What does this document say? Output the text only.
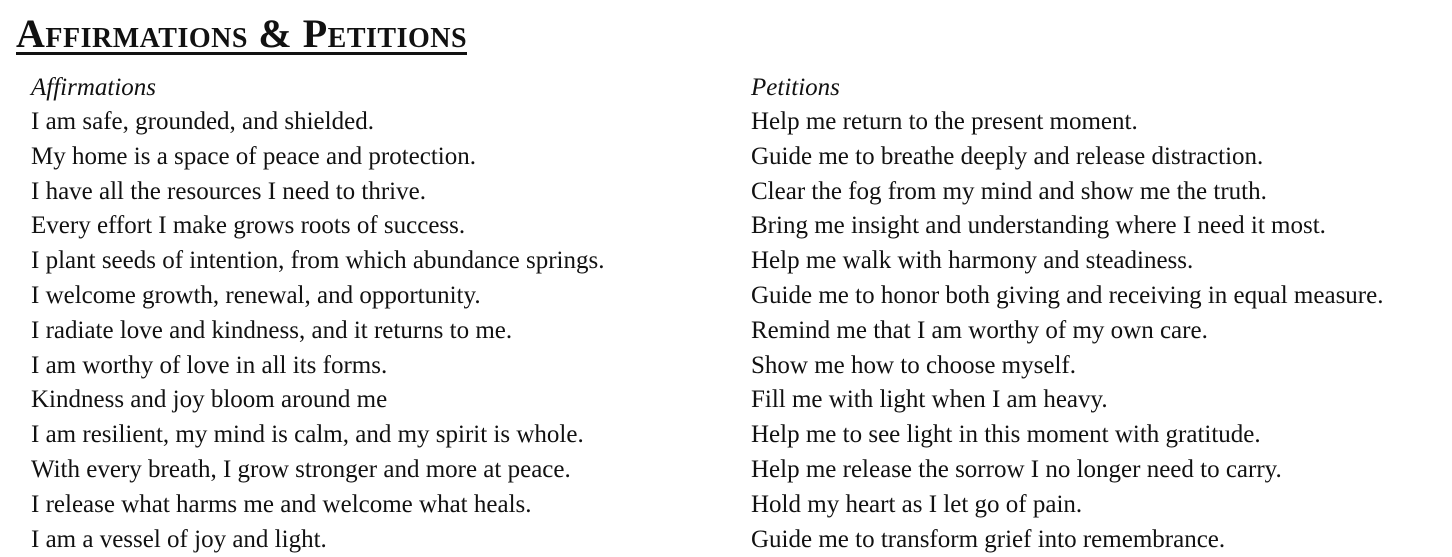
Affirmations & Petitions
Affirmations
I am safe, grounded, and shielded.
My home is a space of peace and protection.
I have all the resources I need to thrive.
Every effort I make grows roots of success.
I plant seeds of intention, from which abundance springs.
I welcome growth, renewal, and opportunity.
I radiate love and kindness, and it returns to me.
I am worthy of love in all its forms.
Kindness and joy bloom around me
I am resilient, my mind is calm, and my spirit is whole.
With every breath, I grow stronger and more at peace.
I release what harms me and welcome what heals.
I am a vessel of joy and light.
Petitions
Help me return to the present moment.
Guide me to breathe deeply and release distraction.
Clear the fog from my mind and show me the truth.
Bring me insight and understanding where I need it most.
Help me walk with harmony and steadiness.
Guide me to honor both giving and receiving in equal measure.
Remind me that I am worthy of my own care.
Show me how to choose myself.
Fill me with light when I am heavy.
Help me to see light in this moment with gratitude.
Help me release the sorrow I no longer need to carry.
Hold my heart as I let go of pain.
Guide me to transform grief into remembrance.
